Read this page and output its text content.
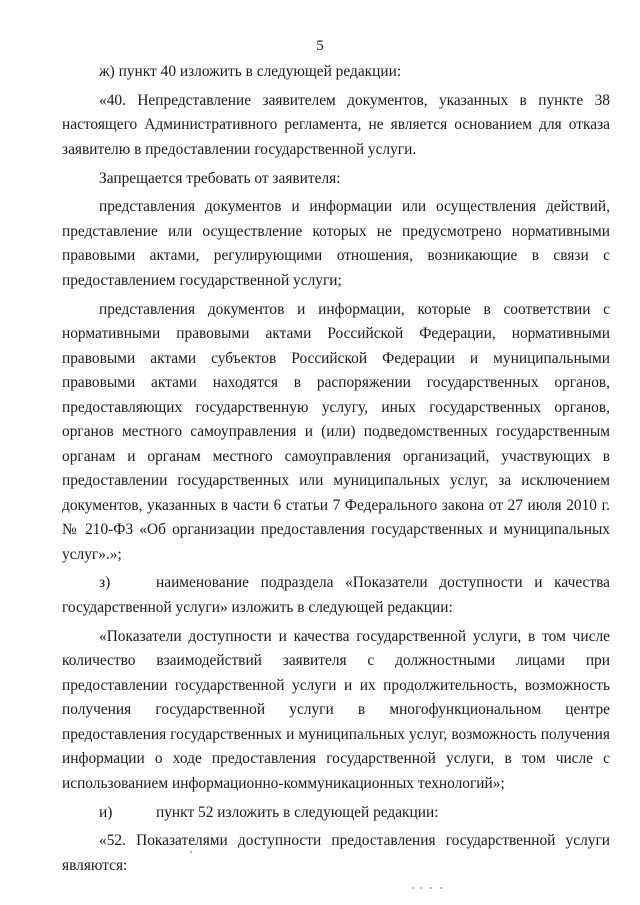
5

ж) пункт 40 изложить в следующей редакции:

«40. Непредставление заявителем документов, указанных в пункте 38 настоящего Административного регламента, не является основанием для отказа заявителю в предоставлении государственной услуги.

Запрещается требовать от заявителя:

представления документов и информации или осуществления действий, представление или осуществление которых не предусмотрено нормативными правовыми актами, регулирующими отношения, возникающие в связи с предоставлением государственной услуги;

представления документов и информации, которые в соответствии с нормативными правовыми актами Российской Федерации, нормативными правовыми актами субъектов Российской Федерации и муниципальными правовыми актами находятся в распоряжении государственных органов, предоставляющих государственную услугу, иных государственных органов, органов местного самоуправления и (или) подведомственных государственным органам и органам местного самоуправления организаций, участвующих в предоставлении государственных или муниципальных услуг, за исключением документов, указанных в части 6 статьи 7 Федерального закона от 27 июля 2010 г. № 210-ФЗ «Об организации предоставления государственных и муниципальных услуг».»;

з)	наименование подраздела «Показатели доступности и качества государственной услуги» изложить в следующей редакции:

«Показатели доступности и качества государственной услуги, в том числе количество взаимодействий заявителя с должностными лицами при предоставлении государственной услуги и их продолжительность, возможность получения государственной услуги в многофункциональном центре предоставления государственных и муниципальных услуг, возможность получения информации о ходе предоставления государственной услуги, в том числе с использованием информационно-коммуникационных технологий»;

и)	пункт 52 изложить в следующей редакции:

«52. Показателями доступности предоставления государственной услуги являются:
